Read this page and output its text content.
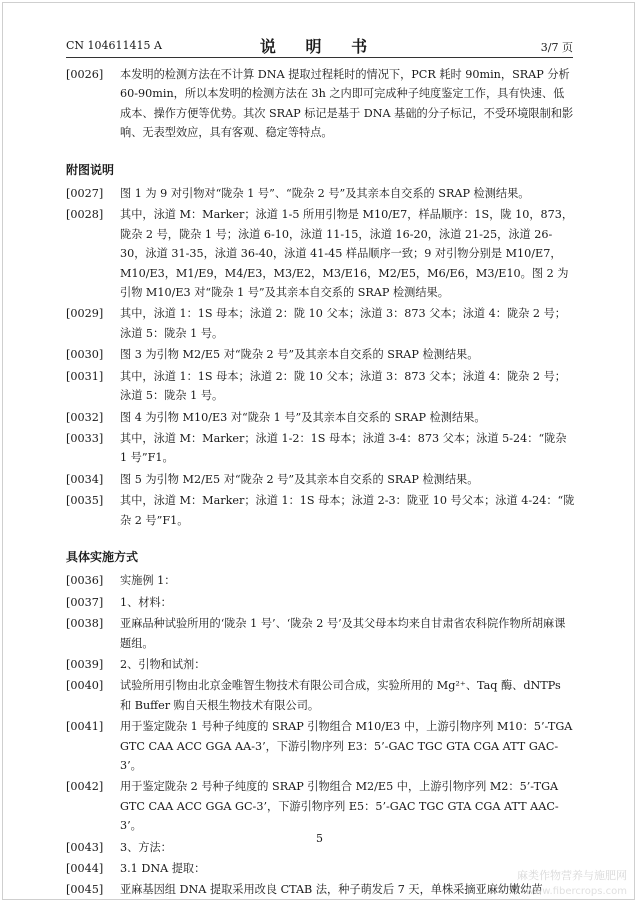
CN 104611415 A	说 明 书	3/7 页
[0026] 本发明的检测方法在不计算 DNA 提取过程耗时的情况下，PCR 耗时 90min，SRAP 分析 60-90min，所以本发明的检测方法在 3h 之内即可完成种子纯度鉴定工作，具有快速、低成本、操作方便等优势。其次 SRAP 标记是基于 DNA 基础的分子标记，不受环境限制和影响、无表型效应，具有客观、稳定等特点。
附图说明
[0027] 图 1 为 9 对引物对“陇杂 1 号”、“陇杂 2 号”及其亲本自交系的 SRAP 检测结果。
[0028] 其中，泳道 M：Marker；泳道 1-5 所用引物是 M10/E7，样品顺序：1S，陇 10，873，陇杂 2 号，陇杂 1 号；泳道 6-10，泳道 11-15，泳道 16-20，泳道 21-25，泳道 26-30，泳道 31-35，泳道 36-40，泳道 41-45 样品顺序一致；9 对引物分别是 M10/E7，M10/E3，M1/E9，M4/E3，M3/E2，M3/E16，M2/E5，M6/E6，M3/E10。图 2 为引物 M10/E3 对“陇杂 1 号”及其亲本自交系的 SRAP 检测结果。
[0029] 其中，泳道 1：1S 母本；泳道 2：陇 10 父本；泳道 3：873 父本；泳道 4：陇杂 2 号；泳道 5：陇杂 1 号。
[0030] 图 3 为引物 M2/E5 对“陇杂 2 号”及其亲本自交系的 SRAP 检测结果。
[0031] 其中，泳道 1：1S 母本；泳道 2：陇 10 父本；泳道 3：873 父本；泳道 4：陇杂 2 号；泳道 5：陇杂 1 号。
[0032] 图 4 为引物 M10/E3 对“陇杂 1 号”及其亲本自交系的 SRAP 检测结果。
[0033] 其中，泳道 M：Marker；泳道 1-2：1S 母本；泳道 3-4：873 父本；泳道 5-24：“陇杂 1 号”F1。
[0034] 图 5 为引物 M2/E5 对“陇杂 2 号”及其亲本自交系的 SRAP 检测结果。
[0035] 其中，泳道 M：Marker；泳道 1：1S 母本；泳道 2-3：陇亚 10 号父本；泳道 4-24：“陇杂 2 号”F1。
具体实施方式
[0036] 实施例 1：
[0037] 1、材料：
[0038] 亚麻品种试验所用的‘陇杂 1 号’、‘陇杂 2 号’及其父母本均来自甘肃省农科院作物所胡麻课题组。
[0039] 2、引物和试剂：
[0040] 试验所用引物由北京金唯智生物技术有限公司合成，实验所用的 Mg²⁺、Taq 酶、dNTPs 和 Buffer 购自天根生物技术有限公司。
[0041] 用于鉴定陇杂 1 号种子纯度的 SRAP 引物组合 M10/E3 中，上游引物序列 M10：5’-TGA GTC CAA ACC GGA AA-3’，下游引物序列 E3：5’-GAC TGC GTA CGA ATT GAC-3’。
[0042] 用于鉴定陇杂 2 号种子纯度的 SRAP 引物组合 M2/E5 中，上游引物序列 M2：5’-TGA GTC CAA ACC GGA GC-3’，下游引物序列 E5：5’-GAC TGC GTA CGA ATT AAC-3’。
[0043] 3、方法：
[0044] 3.1 DNA 提取：
[0045] 亚麻基因组 DNA 提取采用改良 CTAB 法，种子萌发后 7 天，单株采摘亚麻幼嫩幼苗
5
麻类作物营养与施肥网
www.fibercrops.com
